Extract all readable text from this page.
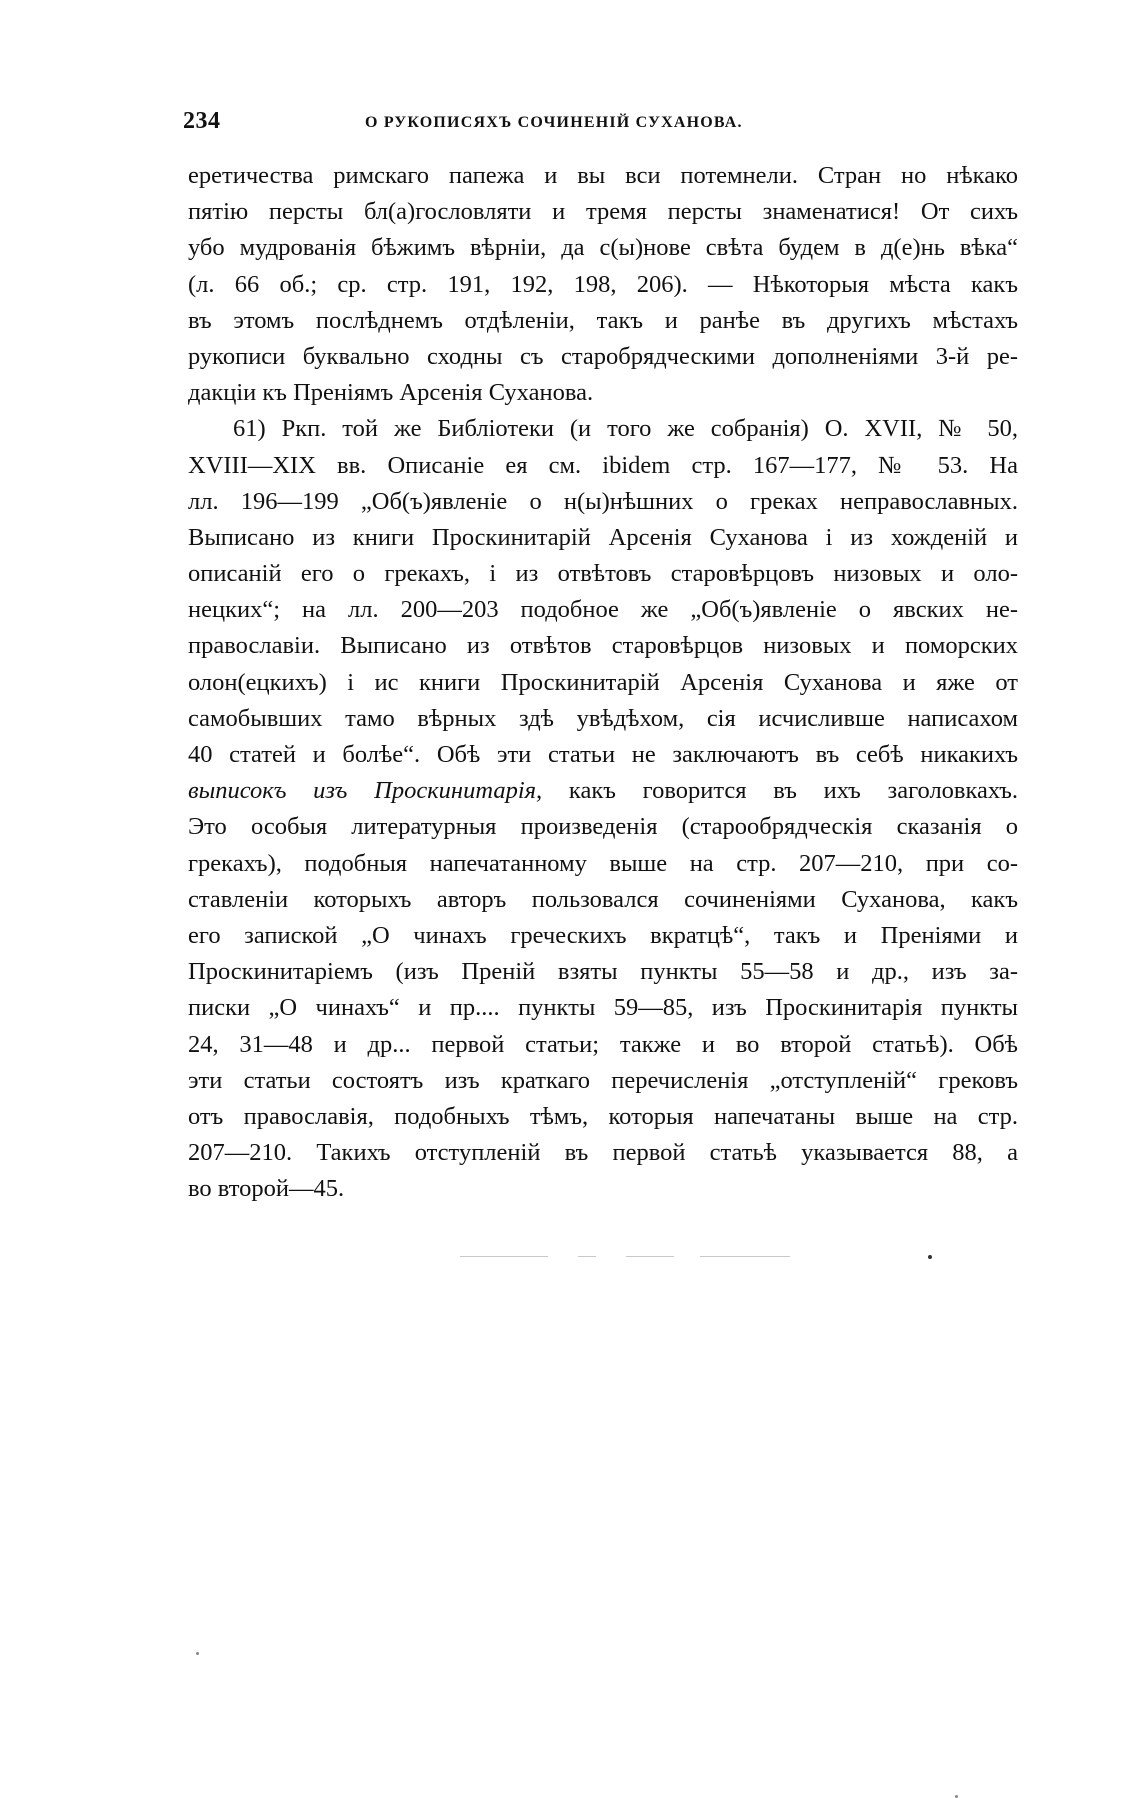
234	О РУКОПИСЯХЪ СОЧИНЕНІЙ СУХАНОВА.
еретичества римскаго папежа и вы вси потемнели. Стран но нѣкако
пятію персты бл(а)гословляти и тремя персты знаменатися! От сихъ
убо мудрованія бѣжимъ вѣрніи, да с(ы)нове свѣта будем в д(е)нь вѣка“
(л. 66 об.; ср. стр. 191, 192, 198, 206). — Нѣкоторыя мѣста какъ
въ этомъ послѣднемъ отдѣленіи, такъ и ранѣе въ другихъ мѣстахъ
рукописи буквально сходны съ старобрядческими дополненіями 3-й ре-
дакціи къ Преніямъ Арсенія Суханова.
61) Ркп. той же Библіотеки (и того же собранія) О. XVII, № 50,
XVIII—XIX вв. Описаніе ея см. ibidem стр. 167—177, № 53. На
лл. 196—199 „Об(ъ)явленіе о н(ы)нѣшних о греках неправославных.
Выписано из книги Проскинитарій Арсенія Суханова і из хожденій и
описаній его о грекахъ, і из отвѣтовъ старовѣрцовъ низовых и оло-
нецких“; на лл. 200—203 подобное же „Об(ъ)явленіе о явских не-
православіи. Выписано из отвѣтов старовѣрцов низовых и поморских
олон(ецкихъ) і ис книги Проскинитарій Арсенія Суханова и яже от
самобывших тамо вѣрных здѣ увѣдѣхом, сія исчисливше написахом
40 статей и болѣе“. Обѣ эти статьи не заключаютъ въ себѣ никакихъ
выписокъ изъ Проскинитарія, какъ говорится въ ихъ заголовкахъ.
Это особыя литературныя произведенія (старообрядческія сказанія о
грекахъ), подобныя напечатанному выше на стр. 207—210, при со-
ставленіи которыхъ авторъ пользовался сочиненіями Суханова, какъ
его запиской „О чинахъ греческихъ вкратцѣ“, такъ и Преніями и
Проскинитаріемъ (изъ Преній взяты пункты 55—58 и др., изъ за-
писки „О чинахъ“ и пр.... пункты 59—85, изъ Проскинитарія пункты
24, 31—48 и др... первой статьи; также и во второй статьѣ). Обѣ
эти статьи состоятъ изъ краткаго перечисленія „отступленій“ грековъ
отъ православія, подобныхъ тѣмъ, которыя напечатаны выше на стр.
207—210. Такихъ отступленій въ первой статьѣ указывается 88, а
во второй—45.
